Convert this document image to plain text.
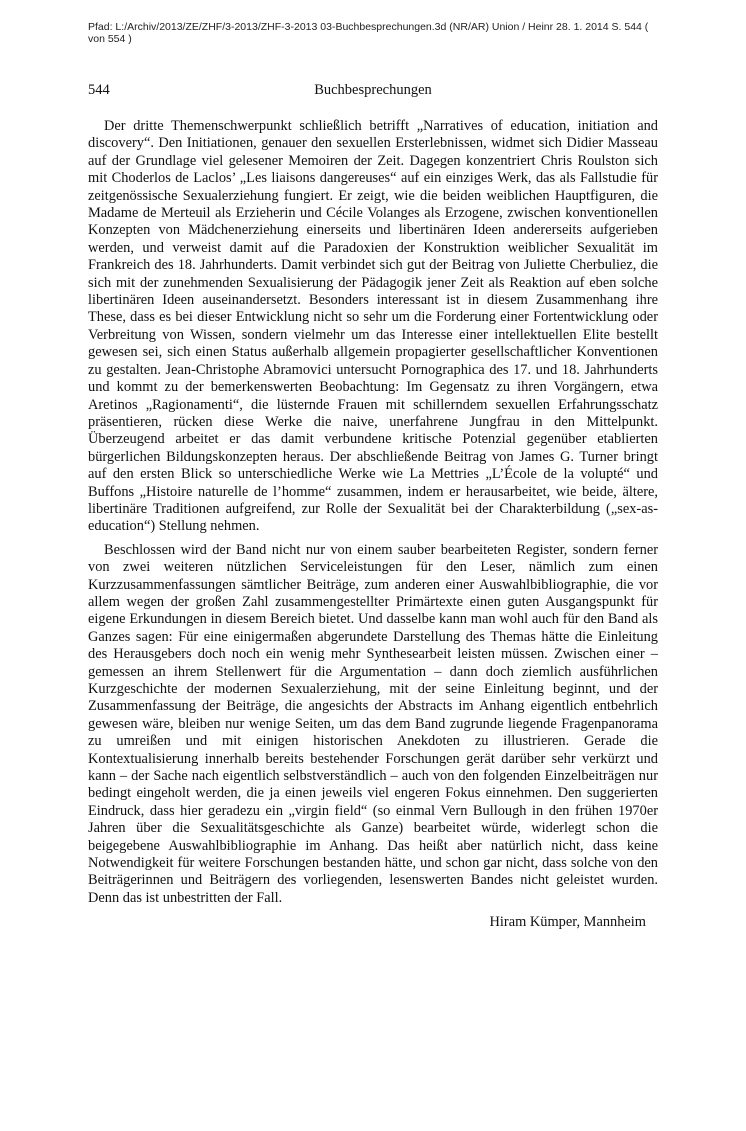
Pfad: L:/Archiv/2013/ZE/ZHF/3-2013/ZHF-3-2013 03-Buchbesprechungen.3d (NR/AR) Union / Heinr 28. 1. 2014 S. 544 ( von 554 )
544	Buchbesprechungen

Der dritte Themenschwerpunkt schließlich betrifft „Narratives of education, initiation and discovery“. Den Initiationen, genauer den sexuellen Ersterlebnissen, widmet sich Didier Masseau auf der Grundlage viel gelesener Memoiren der Zeit. Dagegen konzentriert Chris Roulston sich mit Choderlos de Laclos’ „Les liaisons dangereuses“ auf ein einziges Werk, das als Fallstudie für zeitgenössische Sexualerziehung fungiert. Er zeigt, wie die beiden weiblichen Hauptfiguren, die Madame de Merteuil als Erzieherin und Cécile Volanges als Erzogene, zwischen konventionellen Konzepten von Mädchenerziehung einerseits und libertinären Ideen andererseits aufgerieben werden, und verweist damit auf die Paradoxien der Konstruktion weiblicher Sexualität im Frankreich des 18. Jahrhunderts. Damit verbindet sich gut der Beitrag von Juliette Cherbuliez, die sich mit der zunehmenden Sexualisierung der Pädagogik jener Zeit als Reaktion auf eben solche libertinären Ideen auseinandersetzt. Besonders interessant ist in diesem Zusammenhang ihre These, dass es bei dieser Entwicklung nicht so sehr um die Forderung einer Fortentwicklung oder Verbreitung von Wissen, sondern vielmehr um das Interesse einer intellektuellen Elite bestellt gewesen sei, sich einen Status außerhalb allgemein propagierter gesellschaftlicher Konventionen zu gestalten. Jean-Christophe Abramovici untersucht Pornographica des 17. und 18. Jahrhunderts und kommt zu der bemerkenswerten Beobachtung: Im Gegensatz zu ihren Vorgängern, etwa Aretinos „Ragionamenti“, die lüsternde Frauen mit schillerndem sexuellen Erfahrungsschatz präsentieren, rücken diese Werke die naive, unerfahrene Jungfrau in den Mittelpunkt. Überzeugend arbeitet er das damit verbundene kritische Potenzial gegenüber etablierten bürgerlichen Bildungskonzepten heraus. Der abschließende Beitrag von James G. Turner bringt auf den ersten Blick so unterschiedliche Werke wie La Mettries „L’École de la volupté“ und Buffons „Histoire naturelle de l’homme“ zusammen, indem er herausarbeitet, wie beide, ältere, libertinäre Traditionen aufgreifend, zur Rolle der Sexualität bei der Charakterbildung („sex-as-education“) Stellung nehmen.

Beschlossen wird der Band nicht nur von einem sauber bearbeiteten Register, sondern ferner von zwei weiteren nützlichen Serviceleistungen für den Leser, nämlich zum einen Kurzzusammenfassungen sämtlicher Beiträge, zum anderen einer Auswahlbibliographie, die vor allem wegen der großen Zahl zusammengestellter Primärtexte einen guten Ausgangspunkt für eigene Erkundungen in diesem Bereich bietet. Und dasselbe kann man wohl auch für den Band als Ganzes sagen: Für eine einigermaßen abgerundete Darstellung des Themas hätte die Einleitung des Herausgebers doch noch ein wenig mehr Synthesearbeit leisten müssen. Zwischen einer – gemessen an ihrem Stellenwert für die Argumentation – dann doch ziemlich ausführlichen Kurzgeschichte der modernen Sexualerziehung, mit der seine Einleitung beginnt, und der Zusammenfassung der Beiträge, die angesichts der Abstracts im Anhang eigentlich entbehrlich gewesen wäre, bleiben nur wenige Seiten, um das dem Band zugrunde liegende Fragenpanorama zu umreißen und mit einigen historischen Anekdoten zu illustrieren. Gerade die Kontextualisierung innerhalb bereits bestehender Forschungen gerät darüber sehr verkürzt und kann – der Sache nach eigentlich selbstverständlich – auch von den folgenden Einzelbeiträgen nur bedingt eingeholt werden, die ja einen jeweils viel engeren Fokus einnehmen. Den suggerierten Eindruck, dass hier geradezu ein „virgin field“ (so einmal Vern Bullough in den frühen 1970er Jahren über die Sexualitätsgeschichte als Ganze) bearbeitet würde, widerlegt schon die beigegebene Auswahlbibliographie im Anhang. Das heißt aber natürlich nicht, dass keine Notwendigkeit für weitere Forschungen bestanden hätte, und schon gar nicht, dass solche von den Beiträgerinnen und Beiträgern des vorliegenden, lesenswerten Bandes nicht geleistet wurden. Denn das ist unbestritten der Fall.

Hiram Kümper, Mannheim
